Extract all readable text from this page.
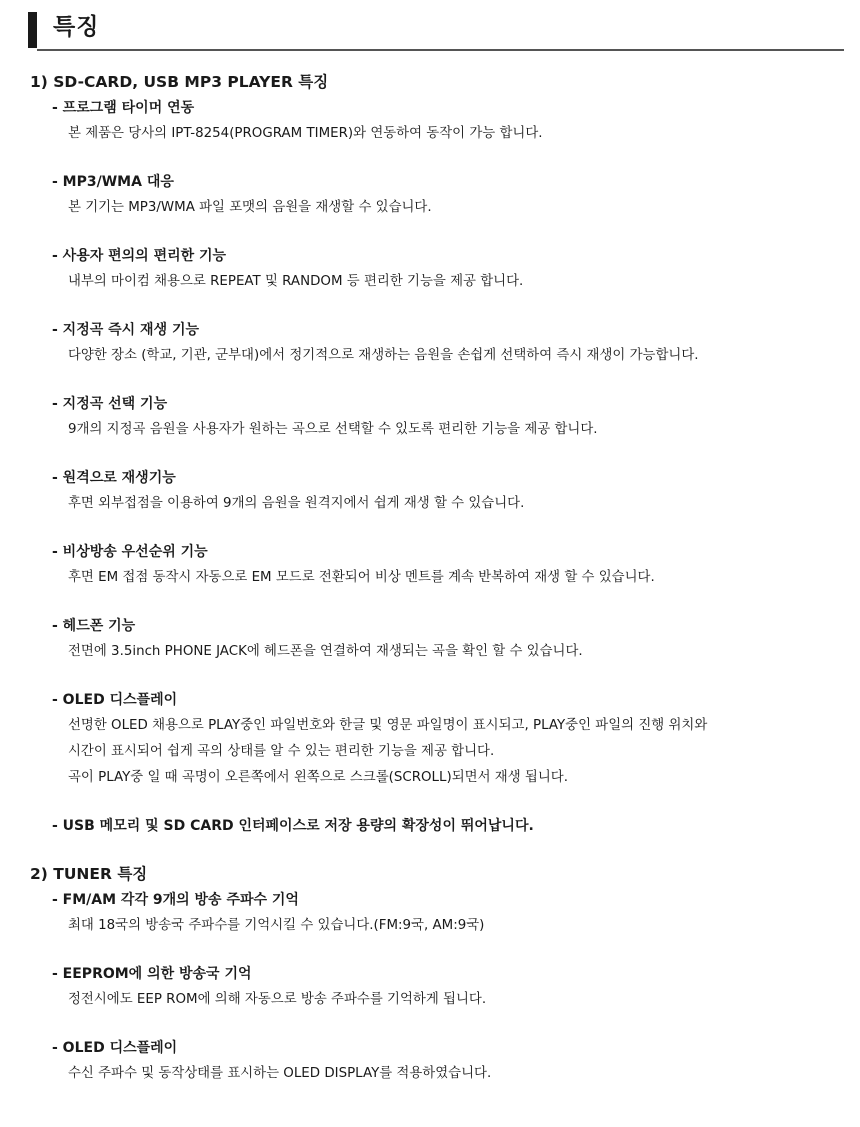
특징
1) SD-CARD, USB MP3 PLAYER 특징
- 프로그램 타이머 연동
본 제품은 당사의 IPT-8254(PROGRAM TIMER)와 연동하여 동작이 가능 합니다.
- MP3/WMA 대응
본 기기는 MP3/WMA 파일 포맷의 음원을 재생할 수 있습니다.
- 사용자 편의의 편리한 기능
내부의 마이컴 채용으로 REPEAT 및 RANDOM 등 편리한 기능을 제공 합니다.
- 지정곡 즉시 재생 기능
다양한 장소 (학교, 기관, 군부대)에서 정기적으로 재생하는 음원을 손쉽게 선택하여 즉시 재생이 가능합니다.
- 지정곡 선택 기능
9개의 지정곡 음원을 사용자가 원하는 곡으로 선택할 수 있도록 편리한 기능을 제공 합니다.
- 원격으로 재생기능
후면 외부접점을 이용하여 9개의 음원을 원격지에서 쉽게 재생 할 수 있습니다.
- 비상방송 우선순위 기능
후면 EM 접점 동작시 자동으로 EM 모드로 전환되어 비상 멘트를 계속 반복하여 재생 할 수 있습니다.
- 헤드폰 기능
전면에 3.5inch PHONE JACK에 헤드폰을 연결하여 재생되는 곡을 확인 할 수 있습니다.
- OLED 디스플레이
선명한 OLED 채용으로 PLAY중인 파일번호와 한글 및 영문 파일명이 표시되고, PLAY중인 파일의 진행 위치와
시간이 표시되어 쉽게 곡의 상태를 알 수 있는 편리한 기능을 제공 합니다.
곡이 PLAY중 일 때 곡명이 오른쪽에서 왼쪽으로 스크롤(SCROLL)되면서 재생 됩니다.
- USB 메모리 및 SD CARD 인터페이스로 저장 용량의 확장성이 뛰어납니다.
2) TUNER 특징
- FM/AM 각각 9개의 방송 주파수 기억
최대 18국의 방송국 주파수를 기억시킬 수 있습니다.(FM:9국, AM:9국)
- EEPROM에 의한 방송국 기억
정전시에도 EEP ROM에 의해 자동으로 방송 주파수를 기억하게 됩니다.
- OLED 디스플레이
수신 주파수 및 동작상태를 표시하는 OLED DISPLAY를 적용하였습니다.
